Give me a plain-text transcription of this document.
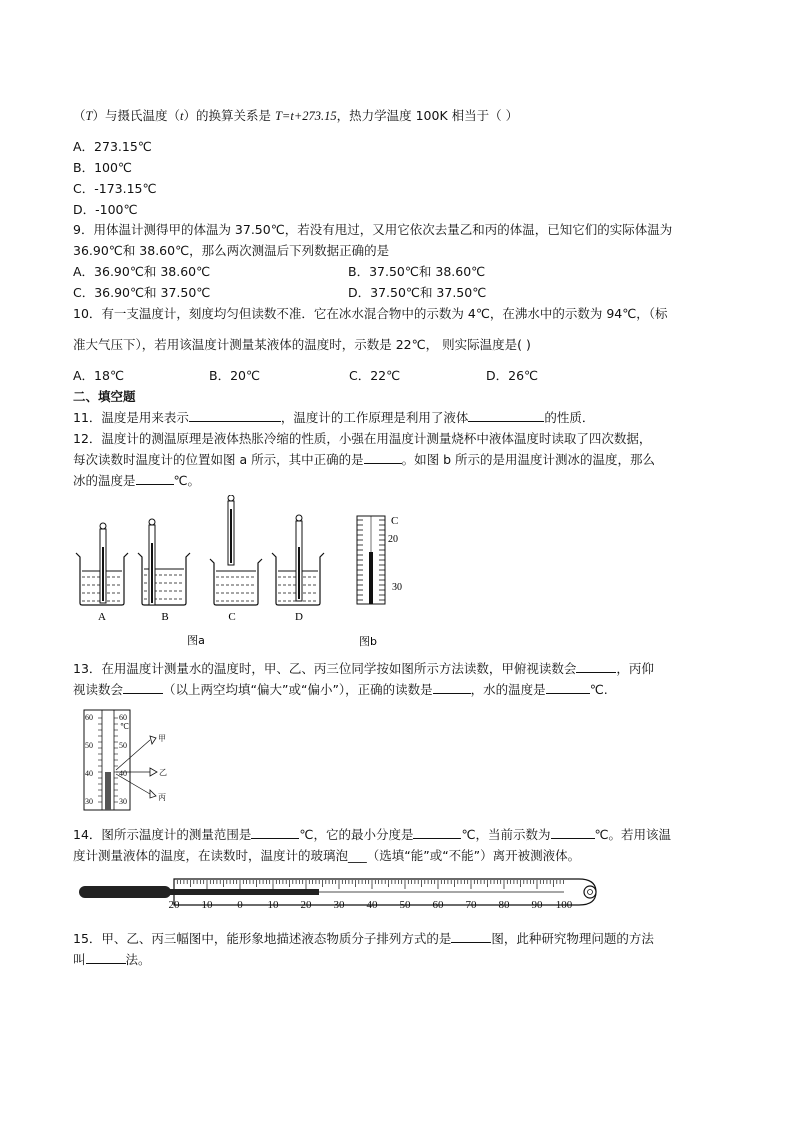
（T）与摄氏温度（t）的换算关系是 T=t+273.15，热力学温度 100K 相当于（ ）
A．273.15℃
B．100℃
C．-173.15℃
D．-100℃
9．用体温计测得甲的体温为 37.50℃，若没有甩过，又用它依次去量乙和丙的体温，已知它们的实际体温为
36.90℃和 38.60℃，那么两次测温后下列数据正确的是
A．36.90℃和 38.60℃	B．37.50℃和 38.60℃
C．36.90℃和 37.50℃	D．37.50℃和 37.50℃
10．有一支温度计，刻度均匀但读数不准．它在冰水混合物中的示数为 4℃，在沸水中的示数为 94℃，（标
准大气压下），若用该温度计测量某液体的温度时，示数是 22℃， 则实际温度是( )
A．18℃	B．20℃	C．22℃	D．26℃
二、填空题
11．温度是用来表示	，温度计的工作原理是利用了液体	的性质．
12．温度计的测温原理是液体热胀冷缩的性质，小强在用温度计测量烧杯中液体温度时读取了四次数据，
每次读数时温度计的位置如图 a 所示，其中正确的是	。如图 b 所示的是用温度计测冰的温度，那么
冰的温度是	℃。
A	B	C	D
图a
C
20
30
图b
13．在用温度计测量水的温度时，甲、乙、丙三位同学按如图所示方法读数，甲俯视读数会	，丙仰
视读数会	（以上两空均填“偏大”或“偏小”），正确的读数是	，水的温度是	℃.
60
50
40
30
60
℃
50
40
30
甲
乙
丙
14．图所示温度计的测量范围是	℃，它的最小分度是	℃，当前示数为	℃。若用该温
度计测量液体的温度，在读数时，温度计的玻璃泡___（选填“能”或“不能”）离开被测液体。
20 10 0 10 20 30 40 50 60 70 80 90 100
15．甲、乙、丙三幅图中，能形象地描述液态物质分子排列方式的是	图，此种研究物理问题的方法
叫	法。
